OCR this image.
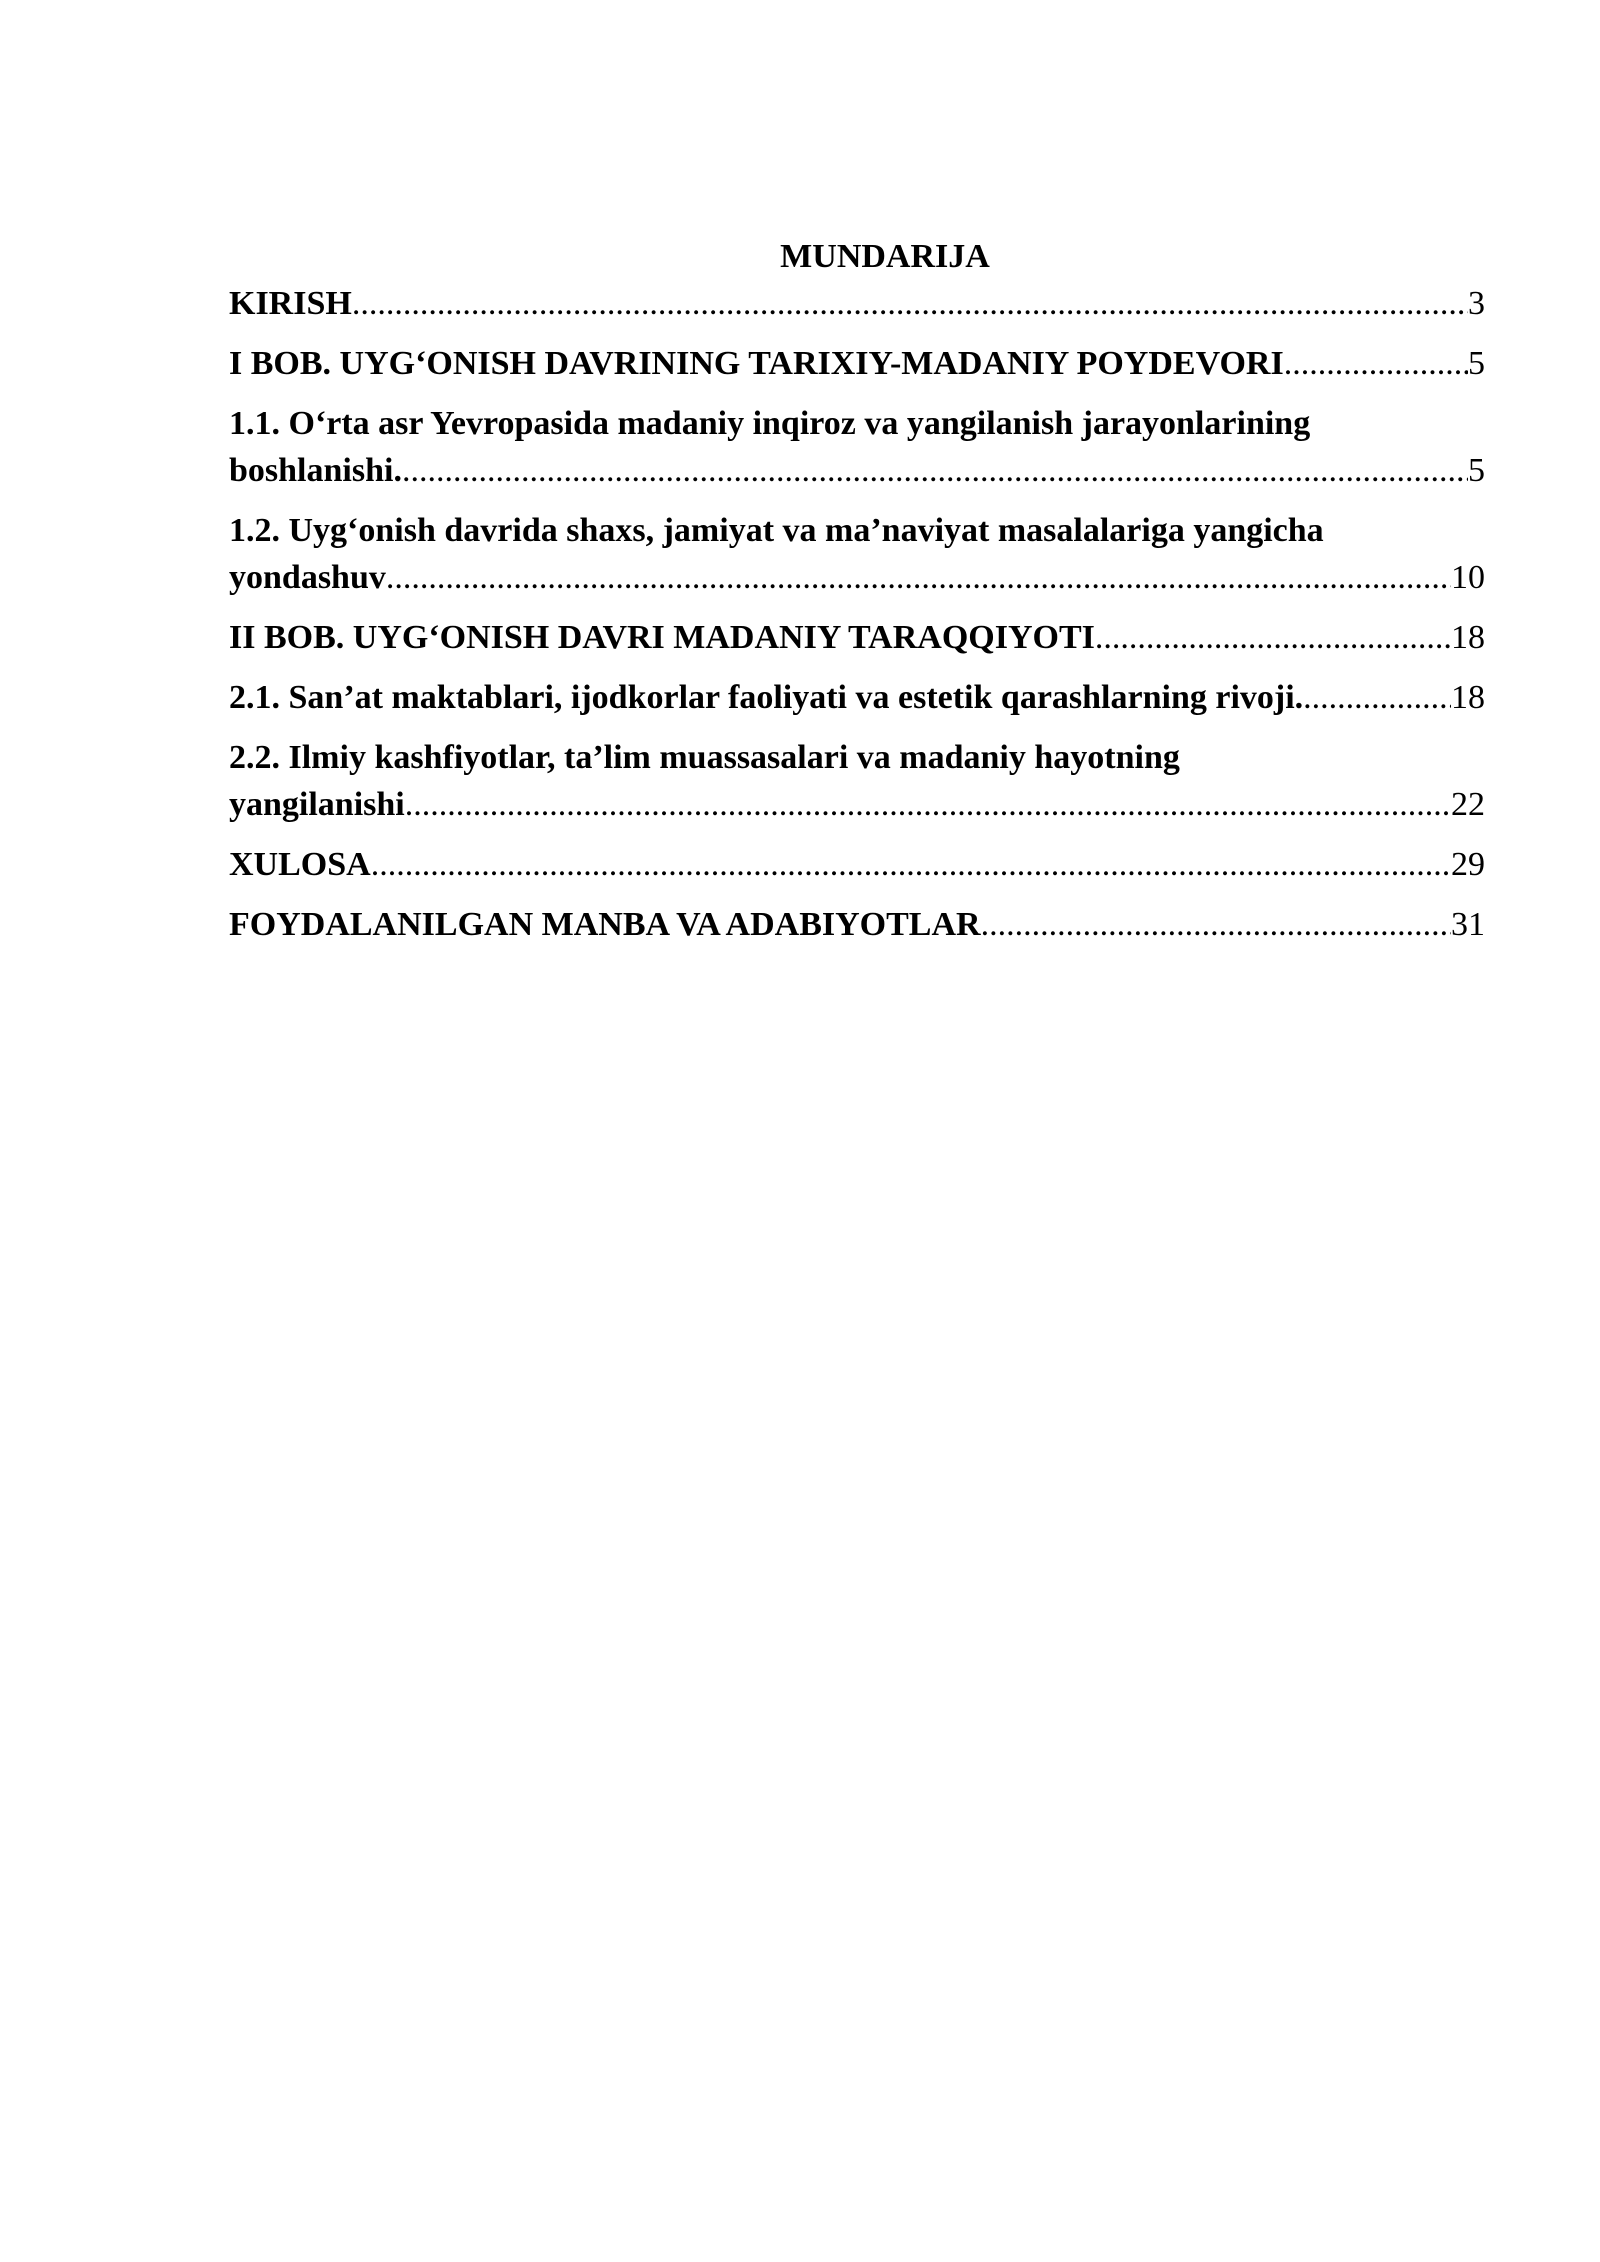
MUNDARIJA
KIRISH .....	3
I BOB. UYG‘ONISH DAVRINING TARIXIY-MADANIY POYDEVORI .....	5
1.1. O‘rta asr Yevropasida madaniy inqiroz va yangilanish jarayonlarining
boshlanishi. .....	5
1.2. Uyg‘onish davrida shaxs, jamiyat va ma’naviyat masalalariga yangicha
yondashuv .....	10
II BOB. UYG‘ONISH DAVRI MADANIY TARAQQIYOTI .....	18
2.1. San’at maktablari, ijodkorlar faoliyati va estetik qarashlarning rivoji. .....	18
2.2. Ilmiy kashfiyotlar, ta’lim muassasalari va madaniy hayotning
yangilanishi .....	22
XULOSA .....	29
FOYDALANILGAN MANBA VA ADABIYOTLAR .....	31
